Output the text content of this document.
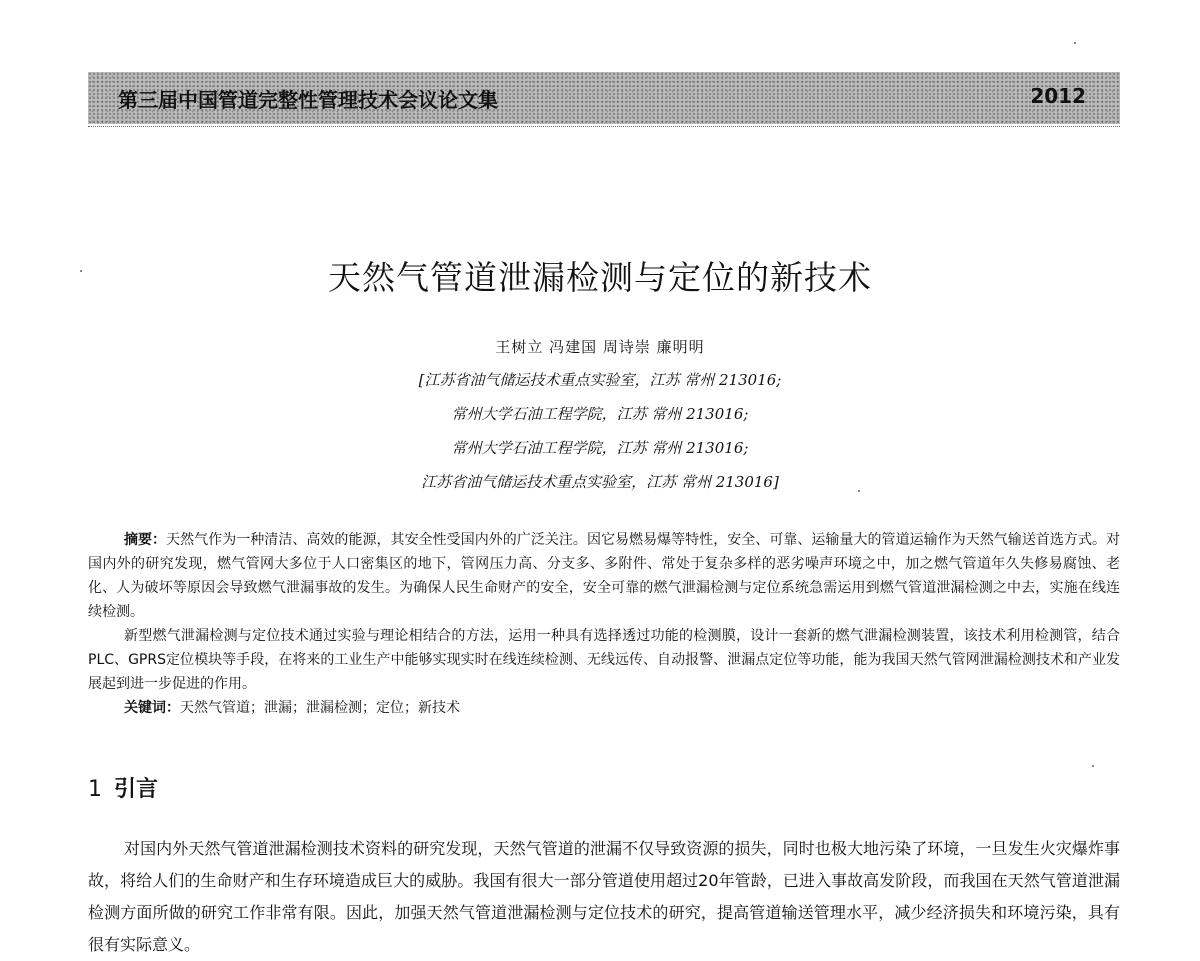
第三届中国管道完整性管理技术会议论文集	2012
天然气管道泄漏检测与定位的新技术
王树立 冯建国 周诗崇 廉明明
[江苏省油气储运技术重点实验室，江苏 常州 213016;
常州大学石油工程学院，江苏 常州 213016;
常州大学石油工程学院，江苏 常州 213016;
江苏省油气储运技术重点实验室，江苏 常州 213016]

摘要：天然气作为一种清洁、高效的能源，其安全性受国内外的广泛关注。因它易燃易爆等特性，安全、可靠、运输量大的管道运输作为天然气输送首选方式。对国内外的研究发现，燃气管网大多位于人口密集区的地下，管网压力高、分支多、多附件、常处于复杂多样的恶劣噪声环境之中，加之燃气管道年久失修易腐蚀、老化、人为破坏等原因会导致燃气泄漏事故的发生。为确保人民生命财产的安全，安全可靠的燃气泄漏检测与定位系统急需运用到燃气管道泄漏检测之中去，实施在线连续检测。

新型燃气泄漏检测与定位技术通过实验与理论相结合的方法，运用一种具有选择透过功能的检测膜，设计一套新的燃气泄漏检测装置，该技术利用检测管，结合PLC、GPRS定位模块等手段，在将来的工业生产中能够实现实时在线连续检测、无线远传、自动报警、泄漏点定位等功能，能为我国天然气管网泄漏检测技术和产业发展起到进一步促进的作用。

关键词：天然气管道；泄漏；泄漏检测；定位；新技术

1 引言

对国内外天然气管道泄漏检测技术资料的研究发现，天然气管道的泄漏不仅导致资源的损失，同时也极大地污染了环境，一旦发生火灾爆炸事故，将给人们的生命财产和生存环境造成巨大的威胁。我国有很大一部分管道使用超过20年管龄，已进入事故高发阶段，而我国在天然气管道泄漏检测方面所做的研究工作非常有限。因此，加强天然气管道泄漏检测与定位技术的研究，提高管道输送管理水平，减少经济损失和环境污染，具有很有实际意义。
